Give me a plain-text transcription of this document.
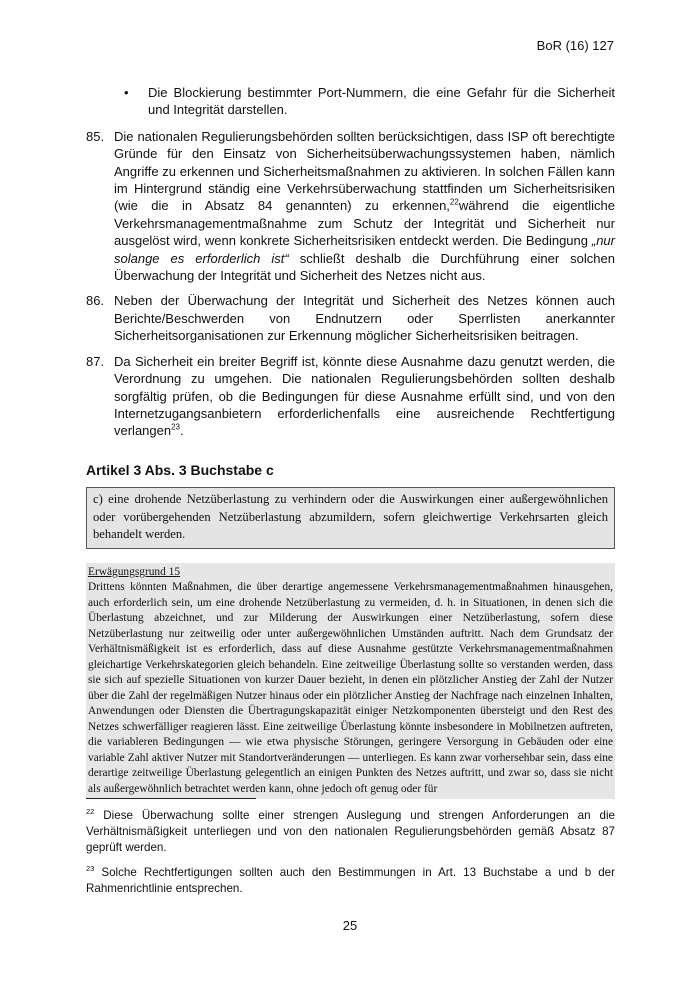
BoR (16) 127
•	Die Blockierung bestimmter Port-Nummern, die eine Gefahr für die Sicherheit und Integrität darstellen.
85. Die nationalen Regulierungsbehörden sollten berücksichtigen, dass ISP oft berechtigte Gründe für den Einsatz von Sicherheitsüberwachungssystemen haben, nämlich Angriffe zu erkennen und Sicherheitsmaßnahmen zu aktivieren. In solchen Fällen kann im Hintergrund ständig eine Verkehrsüberwachung stattfinden um Sicherheitsrisiken (wie die in Absatz 84 genannten) zu erkennen,$^{22}$während die eigentliche Verkehrsmanagementmaßnahme zum Schutz der Integrität und Sicherheit nur ausgelöst wird, wenn konkrete Sicherheitsrisiken entdeckt werden. Die Bedingung „nur solange es erforderlich ist“ schließt deshalb die Durchführung einer solchen Überwachung der Integrität und Sicherheit des Netzes nicht aus.
86. Neben der Überwachung der Integrität und Sicherheit des Netzes können auch Berichte/Beschwerden von Endnutzern oder Sperrlisten anerkannter Sicherheitsorganisationen zur Erkennung möglicher Sicherheitsrisiken beitragen.
87. Da Sicherheit ein breiter Begriff ist, könnte diese Ausnahme dazu genutzt werden, die Verordnung zu umgehen. Die nationalen Regulierungsbehörden sollten deshalb sorgfältig prüfen, ob die Bedingungen für diese Ausnahme erfüllt sind, und von den Internetzugangsanbietern erforderlichenfalls eine ausreichende Rechtfertigung verlangen$^{23}$.
Artikel 3 Abs. 3 Buchstabe c
c) eine drohende Netzüberlastung zu verhindern oder die Auswirkungen einer außergewöhnlichen oder vorübergehenden Netzüberlastung abzumildern, sofern gleichwertige Verkehrsarten gleich behandelt werden.
Erwägungsgrund 15
Drittens könnten Maßnahmen, die über derartige angemessene Verkehrsmanagementmaßnahmen hinausgehen, auch erforderlich sein, um eine drohende Netzüberlastung zu vermeiden, d. h. in Situationen, in denen sich die Überlastung abzeichnet, und zur Milderung der Auswirkungen einer Netzüberlastung, sofern diese Netzüberlastung nur zeitweilig oder unter außergewöhnlichen Umständen auftritt. Nach dem Grundsatz der Verhältnismäßigkeit ist es erforderlich, dass auf diese Ausnahme gestützte Verkehrsmanagementmaßnahmen gleichartige Verkehrskategorien gleich behandeln. Eine zeitweilige Überlastung sollte so verstanden werden, dass sie sich auf spezielle Situationen von kurzer Dauer bezieht, in denen ein plötzlicher Anstieg der Zahl der Nutzer über die Zahl der regelmäßigen Nutzer hinaus oder ein plötzlicher Anstieg der Nachfrage nach einzelnen Inhalten, Anwendungen oder Diensten die Übertragungskapazität einiger Netzkomponenten übersteigt und den Rest des Netzes schwerfälliger reagieren lässt. Eine zeitweilige Überlastung könnte insbesondere in Mobilnetzen auftreten, die variableren Bedingungen — wie etwa physische Störungen, geringere Versorgung in Gebäuden oder eine variable Zahl aktiver Nutzer mit Standortveränderungen — unterliegen. Es kann zwar vorhersehbar sein, dass eine derartige zeitweilige Überlastung gelegentlich an einigen Punkten des Netzes auftritt, und zwar so, dass sie nicht als außergewöhnlich betrachtet werden kann, ohne jedoch oft genug oder für
$^{22}$ Diese Überwachung sollte einer strengen Auslegung und strengen Anforderungen an die Verhältnismäßigkeit unterliegen und von den nationalen Regulierungsbehörden gemäß Absatz 87 geprüft werden.
$^{23}$ Solche Rechtfertigungen sollten auch den Bestimmungen in Art. 13 Buchstabe a und b der Rahmenrichtlinie entsprechen.
25
